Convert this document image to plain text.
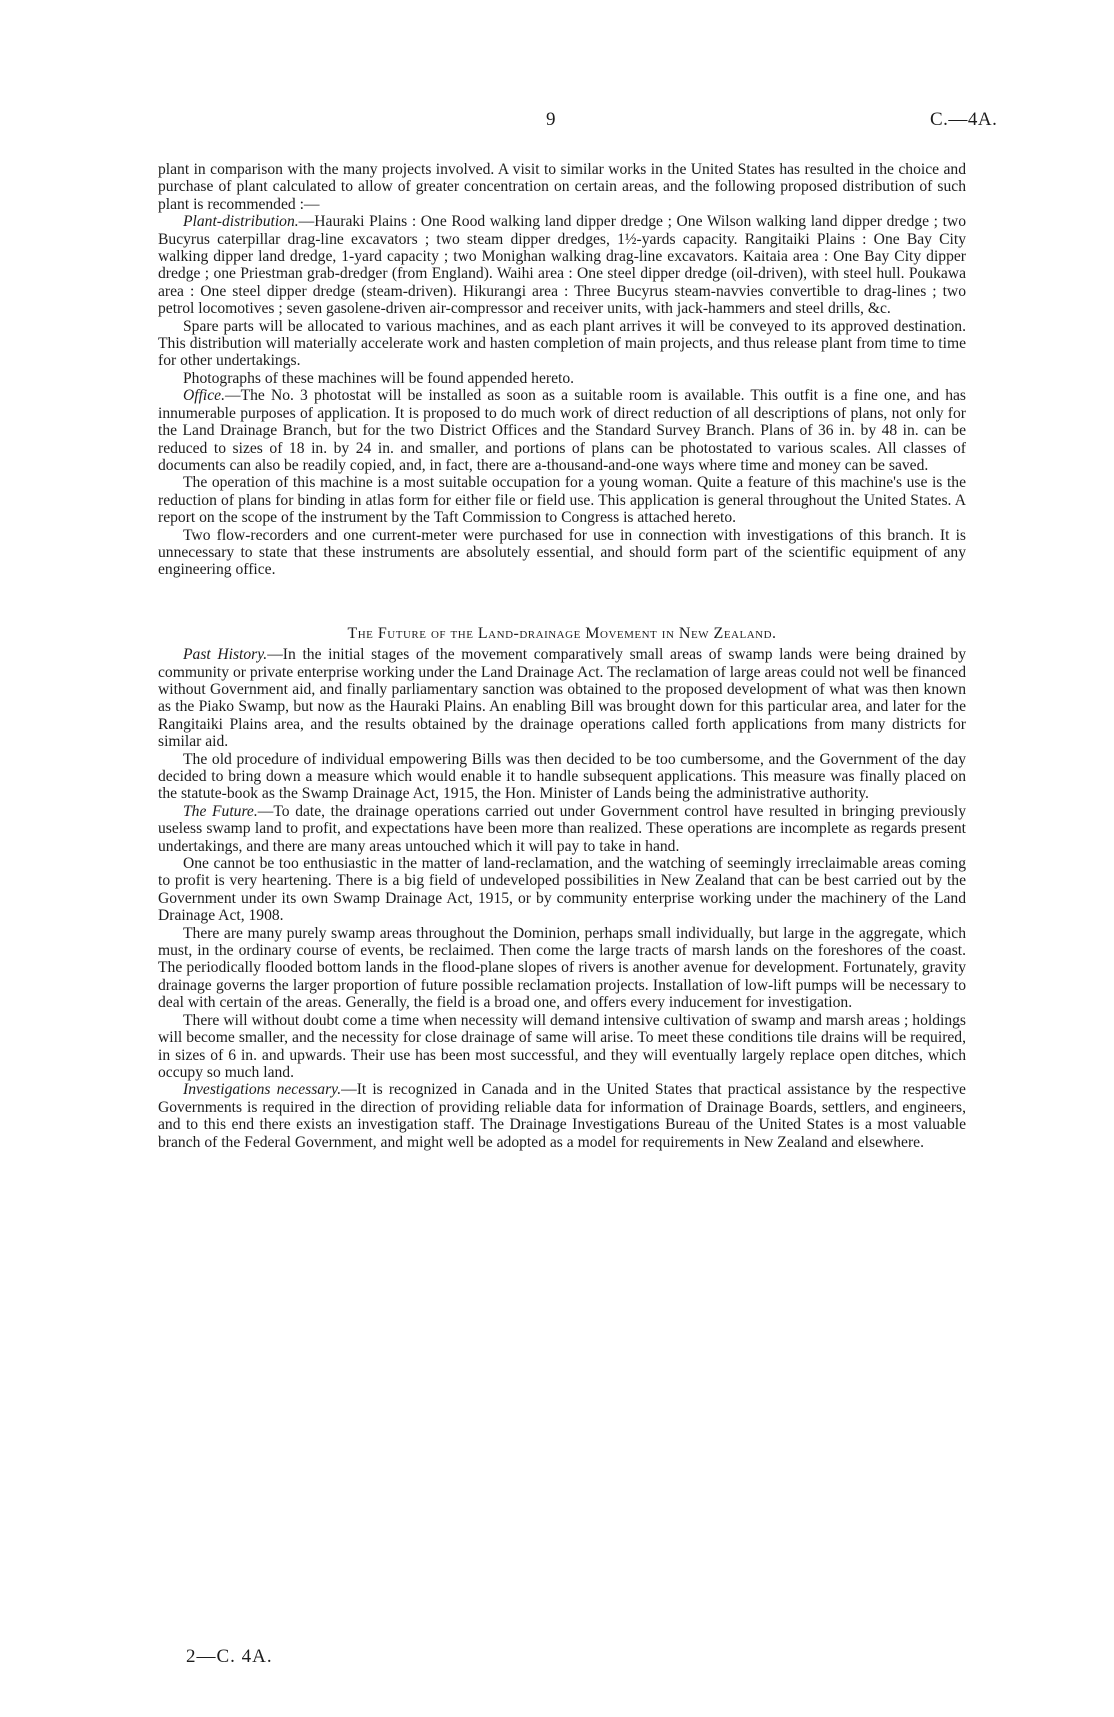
9	C.—4A.

plant in comparison with the many projects involved. A visit to similar works in the United States has resulted in the choice and purchase of plant calculated to allow of greater concentration on certain areas, and the following proposed distribution of such plant is recommended :—

Plant-distribution.—Hauraki Plains : One Rood walking land dipper dredge ; One Wilson walking land dipper dredge ; two Bucyrus caterpillar drag-line excavators ; two steam dipper dredges, 1½-yards capacity. Rangitaiki Plains : One Bay City walking dipper land dredge, 1-yard capacity ; two Monighan walking drag-line excavators. Kaitaia area : One Bay City dipper dredge ; one Priestman grab-dredger (from England). Waihi area : One steel dipper dredge (oil-driven), with steel hull. Poukawa area : One steel dipper dredge (steam-driven). Hikurangi area : Three Bucyrus steam-navvies convertible to drag-lines ; two petrol locomotives ; seven gasolene-driven air-compressor and receiver units, with jack-hammers and steel drills, &c.

Spare parts will be allocated to various machines, and as each plant arrives it will be conveyed to its approved destination. This distribution will materially accelerate work and hasten completion of main projects, and thus release plant from time to time for other undertakings.

Photographs of these machines will be found appended hereto.

Office.—The No. 3 photostat will be installed as soon as a suitable room is available. This outfit is a fine one, and has innumerable purposes of application. It is proposed to do much work of direct reduction of all descriptions of plans, not only for the Land Drainage Branch, but for the two District Offices and the Standard Survey Branch. Plans of 36 in. by 48 in. can be reduced to sizes of 18 in. by 24 in. and smaller, and portions of plans can be photostated to various scales. All classes of documents can also be readily copied, and, in fact, there are a-thousand-and-one ways where time and money can be saved.

The operation of this machine is a most suitable occupation for a young woman. Quite a feature of this machine's use is the reduction of plans for binding in atlas form for either file or field use. This application is general throughout the United States. A report on the scope of the instrument by the Taft Commission to Congress is attached hereto.

Two flow-recorders and one current-meter were purchased for use in connection with investigations of this branch. It is unnecessary to state that these instruments are absolutely essential, and should form part of the scientific equipment of any engineering office.

The Future of the Land-drainage Movement in New Zealand.

Past History.—In the initial stages of the movement comparatively small areas of swamp lands were being drained by community or private enterprise working under the Land Drainage Act. The reclamation of large areas could not well be financed without Government aid, and finally parliamentary sanction was obtained to the proposed development of what was then known as the Piako Swamp, but now as the Hauraki Plains. An enabling Bill was brought down for this particular area, and later for the Rangitaiki Plains area, and the results obtained by the drainage operations called forth applications from many districts for similar aid.

The old procedure of individual empowering Bills was then decided to be too cumbersome, and the Government of the day decided to bring down a measure which would enable it to handle subsequent applications. This measure was finally placed on the statute-book as the Swamp Drainage Act, 1915, the Hon. Minister of Lands being the administrative authority.

The Future.—To date, the drainage operations carried out under Government control have resulted in bringing previously useless swamp land to profit, and expectations have been more than realized. These operations are incomplete as regards present undertakings, and there are many areas untouched which it will pay to take in hand.

One cannot be too enthusiastic in the matter of land-reclamation, and the watching of seemingly irreclaimable areas coming to profit is very heartening. There is a big field of undeveloped possibilities in New Zealand that can be best carried out by the Government under its own Swamp Drainage Act, 1915, or by community enterprise working under the machinery of the Land Drainage Act, 1908.

There are many purely swamp areas throughout the Dominion, perhaps small individually, but large in the aggregate, which must, in the ordinary course of events, be reclaimed. Then come the large tracts of marsh lands on the foreshores of the coast. The periodically flooded bottom lands in the flood-plane slopes of rivers is another avenue for development. Fortunately, gravity drainage governs the larger proportion of future possible reclamation projects. Installation of low-lift pumps will be necessary to deal with certain of the areas. Generally, the field is a broad one, and offers every inducement for investigation.

There will without doubt come a time when necessity will demand intensive cultivation of swamp and marsh areas ; holdings will become smaller, and the necessity for close drainage of same will arise. To meet these conditions tile drains will be required, in sizes of 6 in. and upwards. Their use has been most successful, and they will eventually largely replace open ditches, which occupy so much land.

Investigations necessary.—It is recognized in Canada and in the United States that practical assistance by the respective Governments is required in the direction of providing reliable data for information of Drainage Boards, settlers, and engineers, and to this end there exists an investigation staff. The Drainage Investigations Bureau of the United States is a most valuable branch of the Federal Government, and might well be adopted as a model for requirements in New Zealand and elsewhere.

2—C. 4A.
